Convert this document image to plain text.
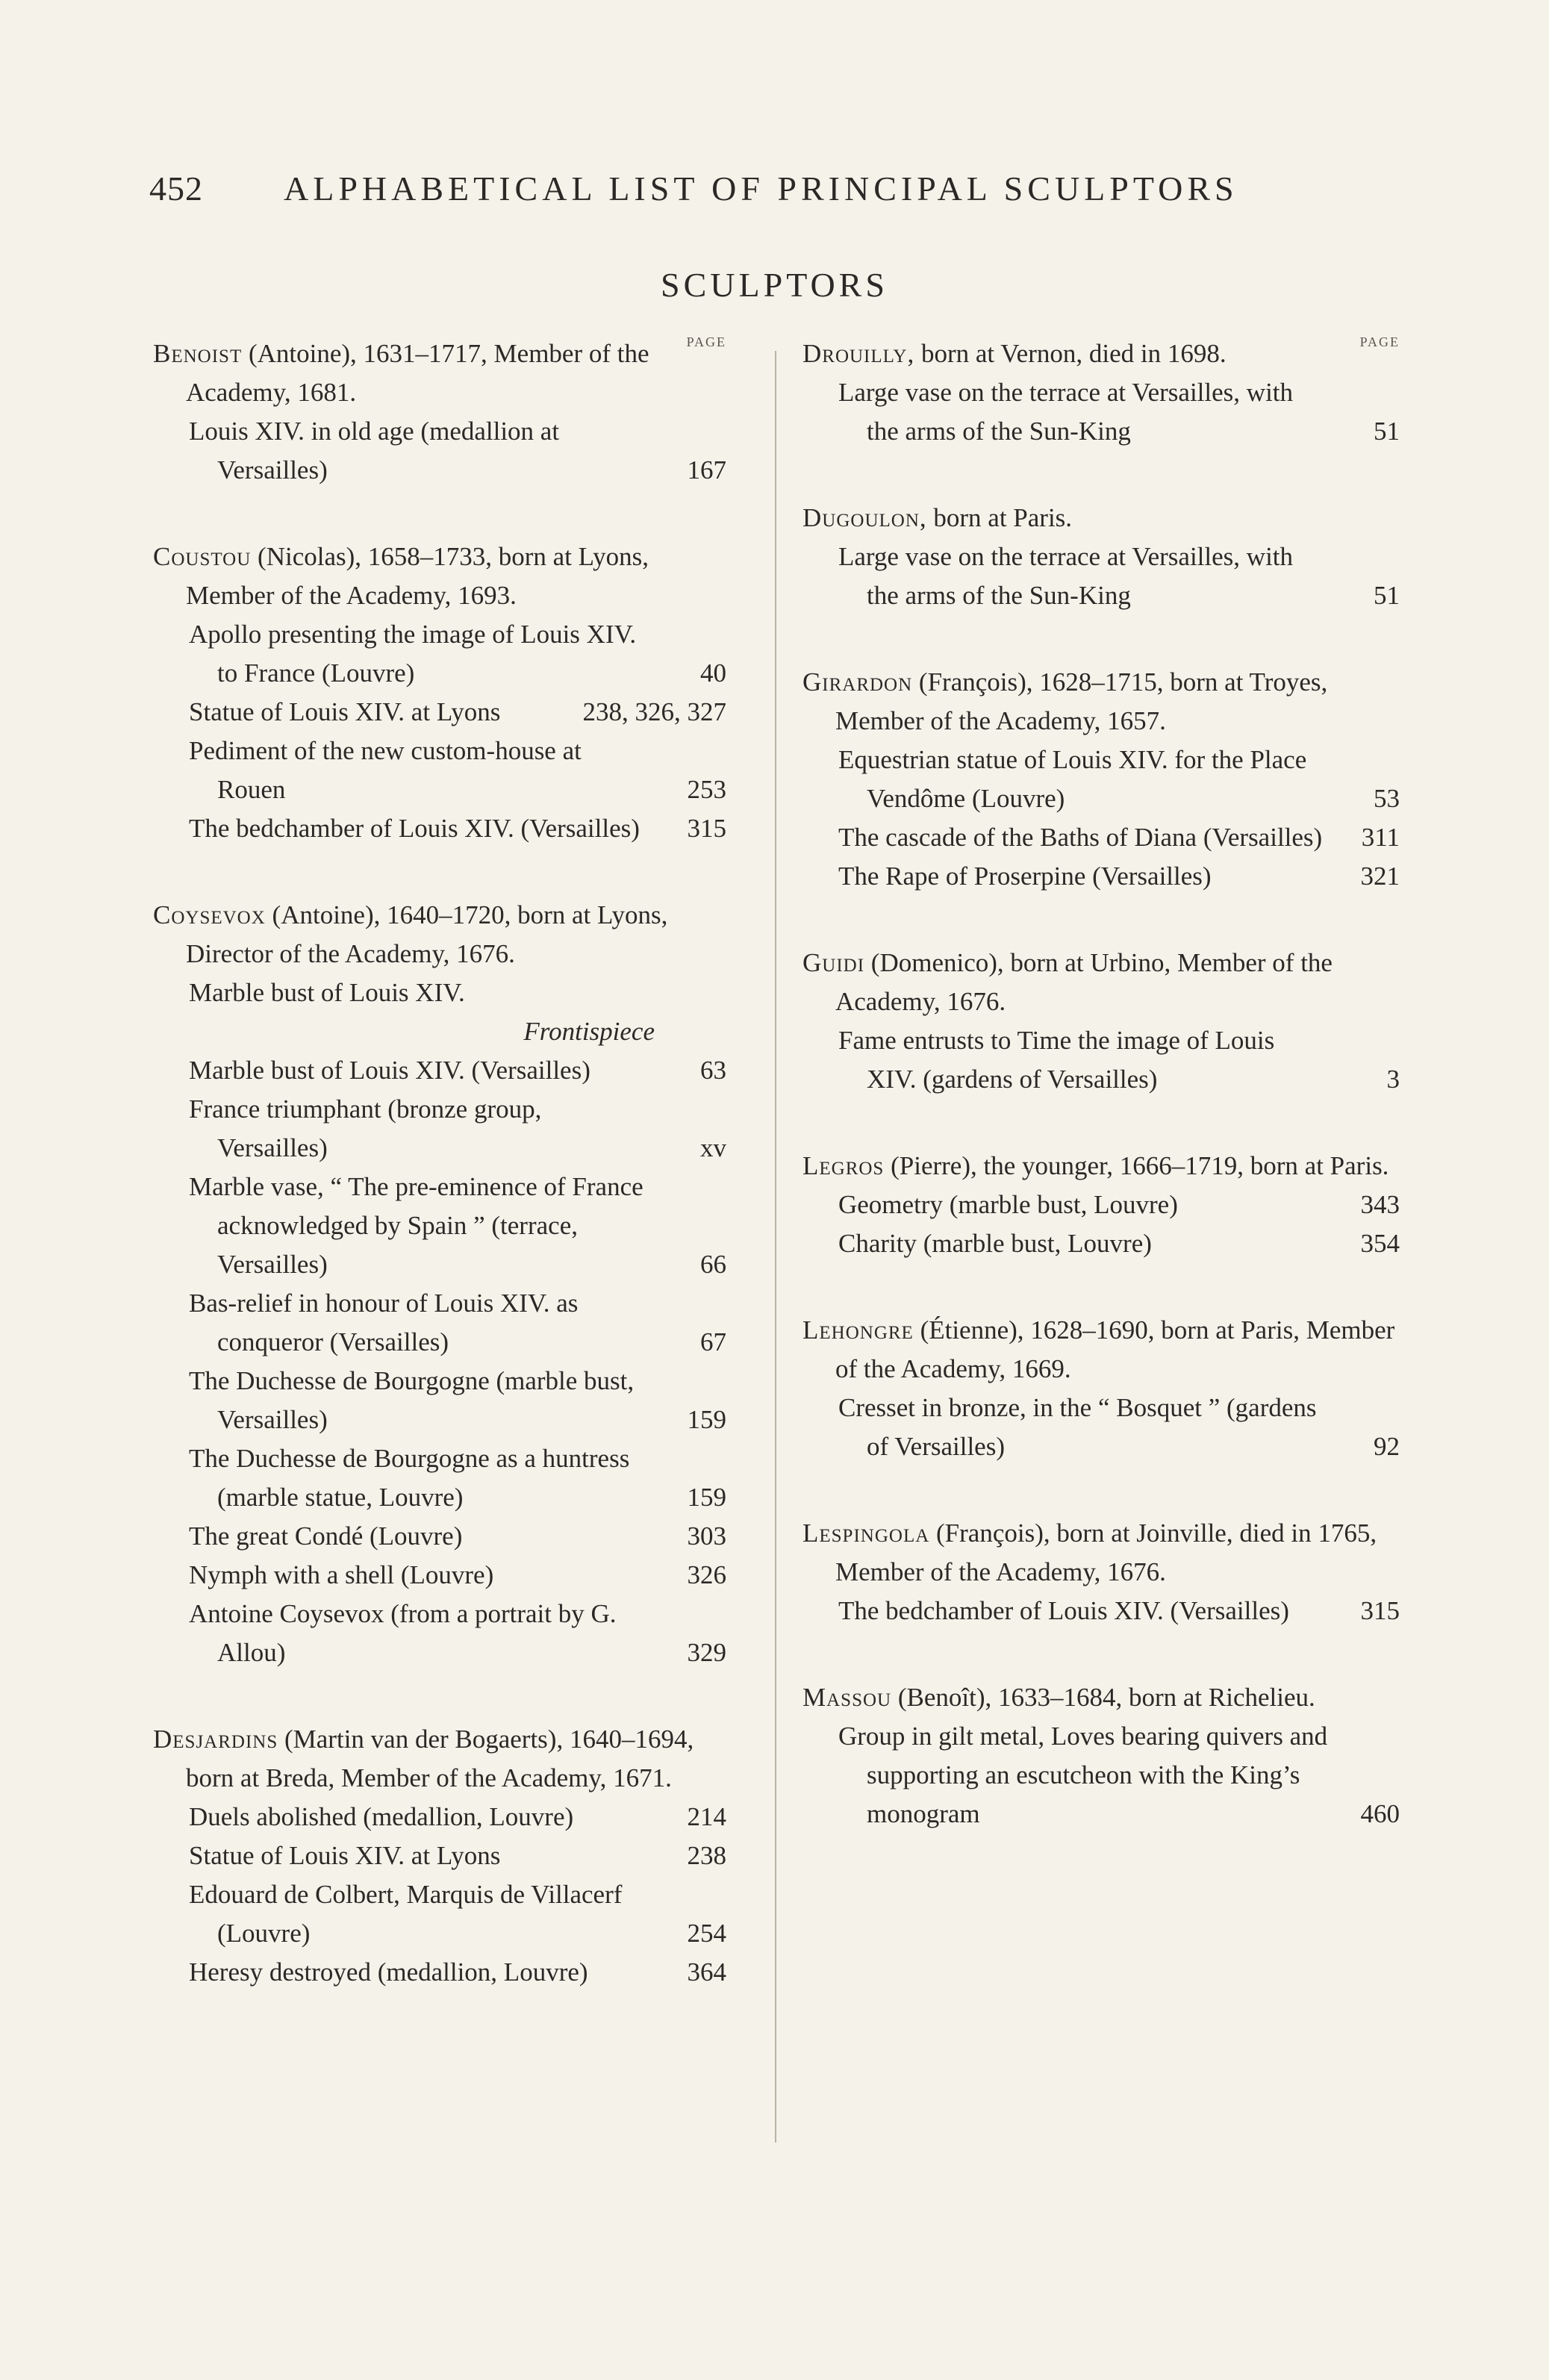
452 ALPHABETICAL LIST OF PRINCIPAL SCULPTORS
SCULPTORS
PAGE
Benoist (Antoine), 1631–1717, Member of the Academy, 1681.
Louis XIV. in old age (medallion at Versailles)	167
Coustou (Nicolas), 1658–1733, born at Lyons, Member of the Academy, 1693.
Apollo presenting the image of Louis XIV. to France (Louvre)	40
Statue of Louis XIV. at Lyons	238, 326, 327
Pediment of the new custom-house at Rouen	253
The bedchamber of Louis XIV. (Versailles) 315
Coysevox (Antoine), 1640–1720, born at Lyons, Director of the Academy, 1676.
Marble bust of Louis XIV.
Frontispiece
Marble bust of Louis XIV. (Versailles)	63
France triumphant (bronze group, Versailles)	xv
Marble vase, “ The pre-eminence of France acknowledged by Spain ” (terrace, Versailles)	66
Bas-relief in honour of Louis XIV. as conqueror (Versailles)	67
The Duchesse de Bourgogne (marble bust, Versailles)	159
The Duchesse de Bourgogne as a huntress (marble statue, Louvre)	159
The great Condé (Louvre)	303
Nymph with a shell (Louvre)	326
Antoine Coysevox (from a portrait by G. Allou)	329
Desjardins (Martin van der Bogaerts), 1640–1694, born at Breda, Member of the Academy, 1671.
Duels abolished (medallion, Louvre)	214
Statue of Louis XIV. at Lyons	238
Edouard de Colbert, Marquis de Villacerf (Louvre)	254
Heresy destroyed (medallion, Louvre)	364
PAGE
Drouilly, born at Vernon, died in 1698.
Large vase on the terrace at Versailles, with the arms of the Sun-King	51
Dugoulon, born at Paris.
Large vase on the terrace at Versailles, with the arms of the Sun-King	51
Girardon (François), 1628–1715, born at Troyes, Member of the Academy, 1657.
Equestrian statue of Louis XIV. for the Place Vendôme (Louvre)	53
The cascade of the Baths of Diana (Versailles) 311
The Rape of Proserpine (Versailles)	321
Guidi (Domenico), born at Urbino, Member of the Academy, 1676.
Fame entrusts to Time the image of Louis XIV. (gardens of Versailles)	3
Legros (Pierre), the younger, 1666–1719, born at Paris.
Geometry (marble bust, Louvre)	343
Charity (marble bust, Louvre)	354
Lehongre (Étienne), 1628–1690, born at Paris, Member of the Academy, 1669.
Cresset in bronze, in the “ Bosquet ” (gardens of Versailles)	92
Lespingola (François), born at Joinville, died in 1765, Member of the Academy, 1676.
The bedchamber of Louis XIV. (Versailles)	315
Massou (Benoît), 1633–1684, born at Richelieu.
Group in gilt metal, Loves bearing quivers and supporting an escutcheon with the King’s monogram	460
